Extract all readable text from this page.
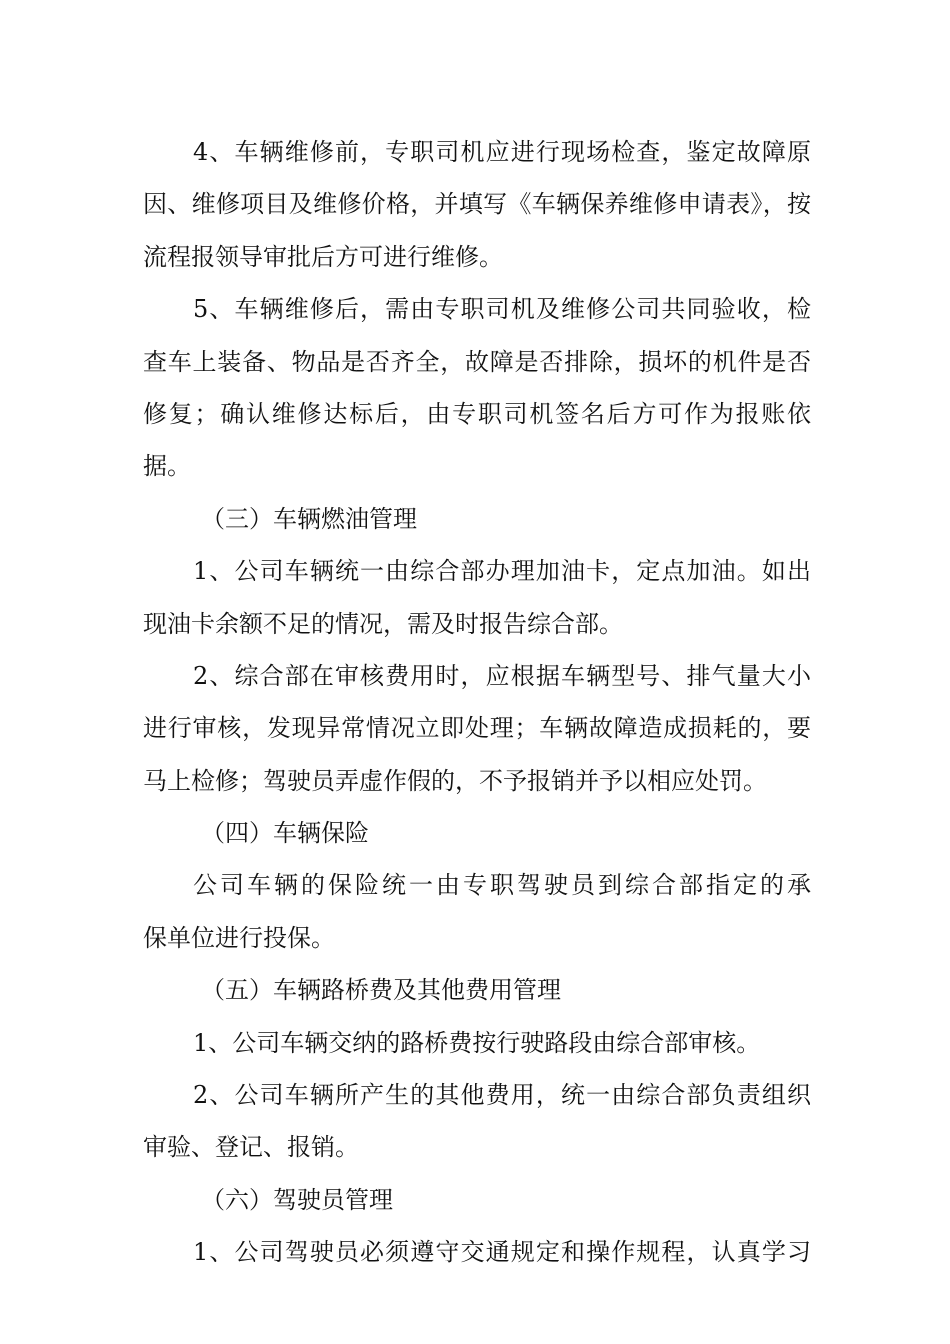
4、车辆维修前，专职司机应进行现场检查，鉴定故障原
因、维修项目及维修价格，并填写《车辆保养维修申请表》，按
流程报领导审批后方可进行维修。
5、车辆维修后，需由专职司机及维修公司共同验收，检
查车上装备、物品是否齐全，故障是否排除，损坏的机件是否
修复；确认维修达标后，由专职司机签名后方可作为报账依
据。
（三）车辆燃油管理
1、公司车辆统一由综合部办理加油卡，定点加油。如出
现油卡余额不足的情况，需及时报告综合部。
2、综合部在审核费用时，应根据车辆型号、排气量大小
进行审核，发现异常情况立即处理；车辆故障造成损耗的，要
马上检修；驾驶员弄虚作假的，不予报销并予以相应处罚。
（四）车辆保险
公司车辆的保险统一由专职驾驶员到综合部指定的承
保单位进行投保。
（五）车辆路桥费及其他费用管理
1、公司车辆交纳的路桥费按行驶路段由综合部审核。
2、公司车辆所产生的其他费用，统一由综合部负责组织
审验、登记、报销。
（六）驾驶员管理
1、公司驾驶员必须遵守交通规定和操作规程，认真学习
